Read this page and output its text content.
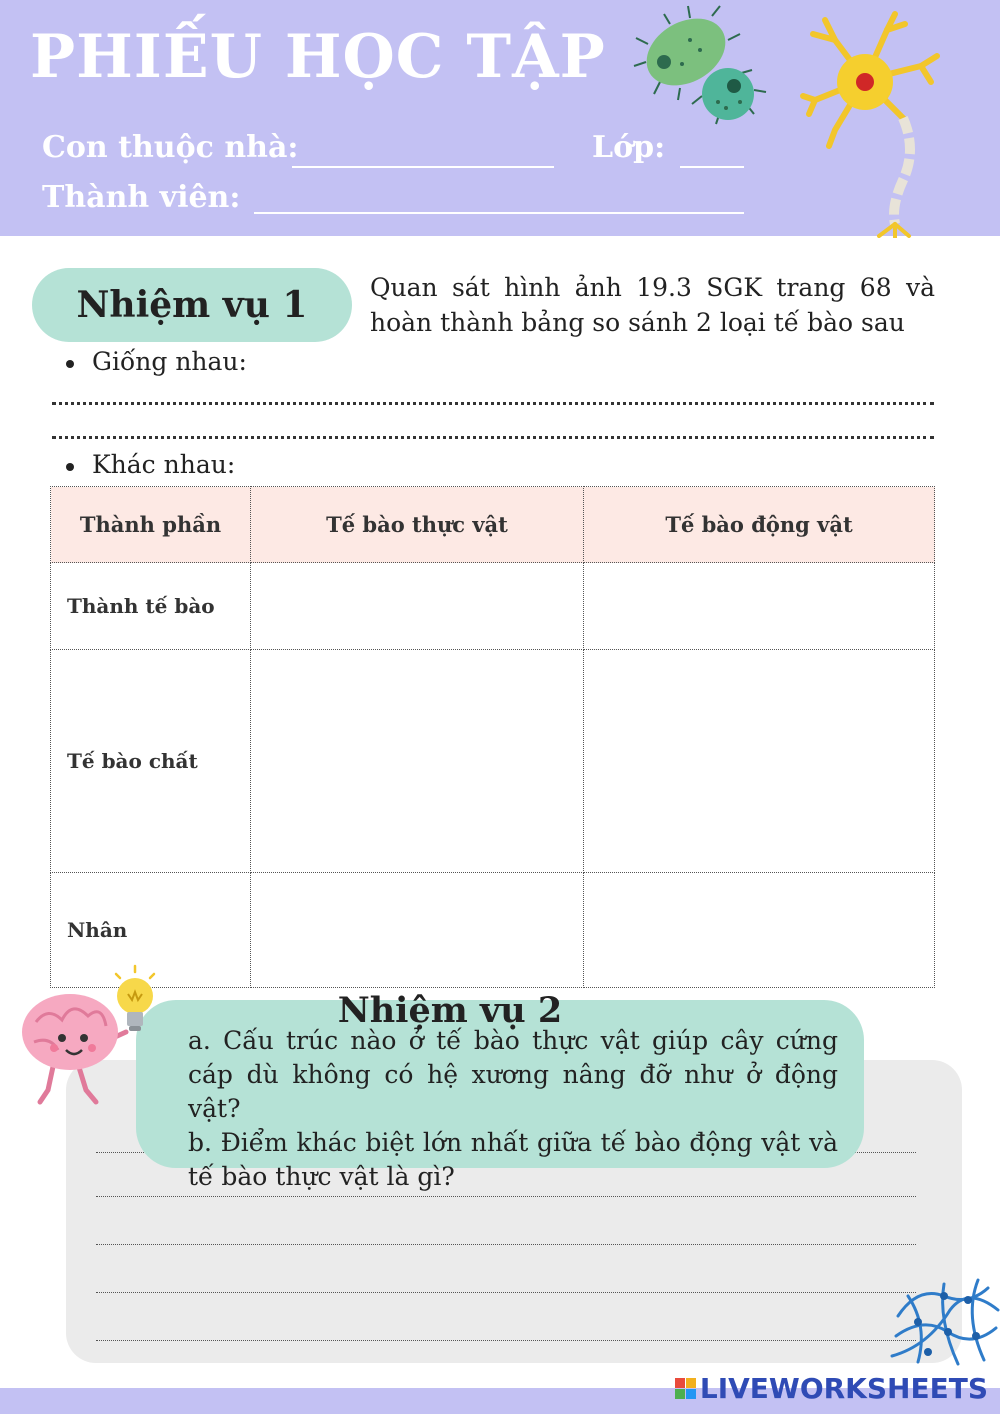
PHIẾU HỌC TẬP
Con thuộc nhà:	Lớp:
Thành viên:
Nhiệm vụ 1	Quan sát hình ảnh 19.3 SGK trang 68 và hoàn thành bảng so sánh 2 loại tế bào sau
Giống nhau:
Khác nhau:
Thành phần	Tế bào thực vật	Tế bào động vật
Thành tế bào		
Tế bào chất		
Nhân		
Nhiệm vụ 2
a. Cấu trúc nào ở tế bào thực vật giúp cây cứng cáp dù không có hệ xương nâng đỡ như ở động vật?
b. Điểm khác biệt lớn nhất giữa tế bào động vật và tế bào thực vật là gì?
LIVEWORKSHEETS
